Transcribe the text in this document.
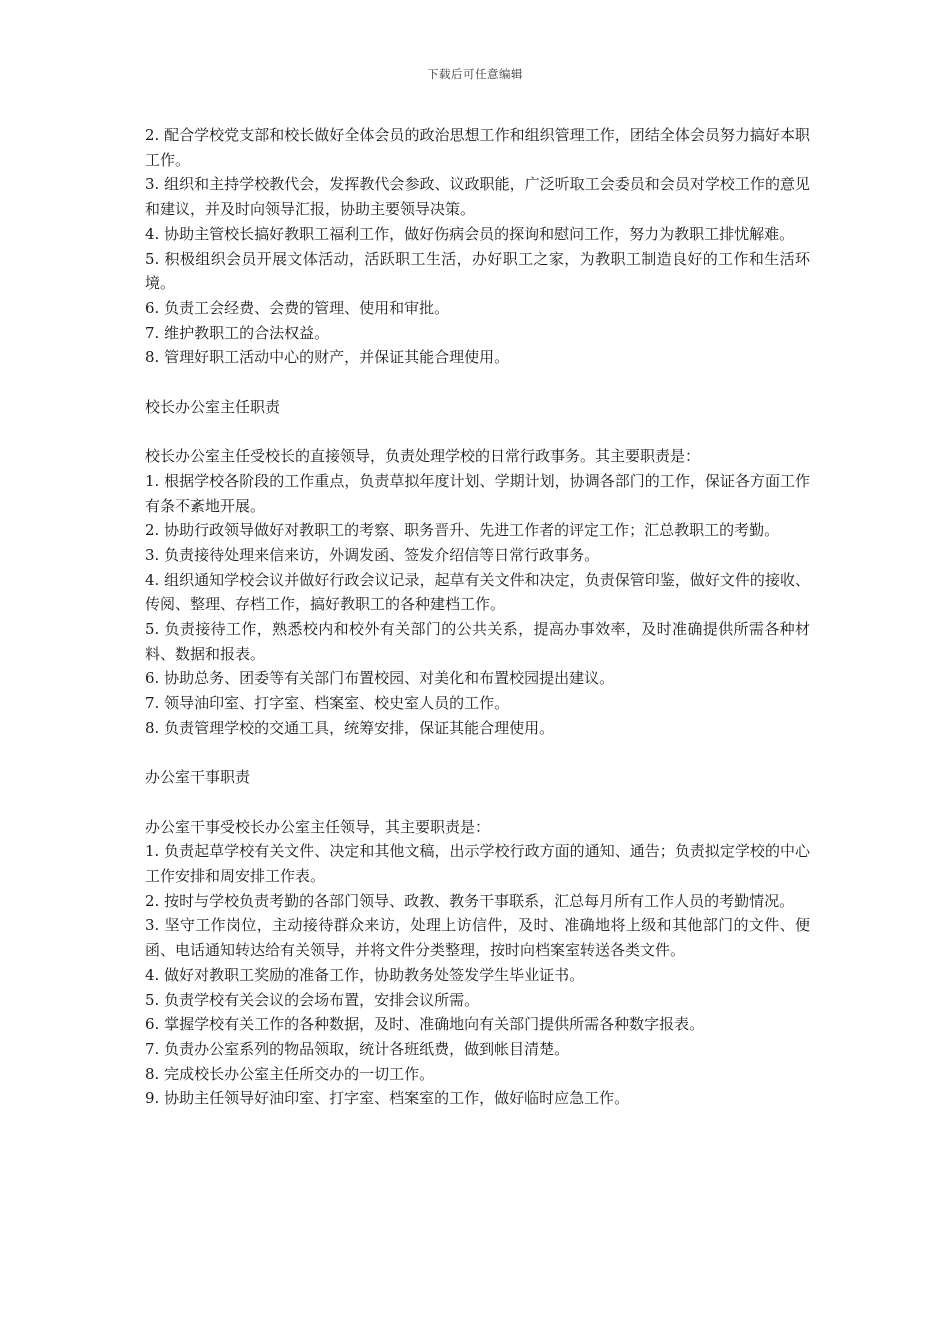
下载后可任意编辑

2. 配合学校党支部和校长做好全体会员的政治思想工作和组织管理工作，团结全体会员努力搞好本职工作。

3. 组织和主持学校教代会，发挥教代会参政、议政职能，广泛听取工会委员和会员对学校工作的意见和建议，并及时向领导汇报，协助主要领导决策。

4. 协助主管校长搞好教职工福利工作，做好伤病会员的探询和慰问工作，努力为教职工排忧解难。

5. 积极组织会员开展文体活动，活跃职工生活，办好职工之家，为教职工制造良好的工作和生活环境。

6. 负责工会经费、会费的管理、使用和审批。

7. 维护教职工的合法权益。

8. 管理好职工活动中心的财产，并保证其能合理使用。

校长办公室主任职责

校长办公室主任受校长的直接领导，负责处理学校的日常行政事务。其主要职责是：

1. 根据学校各阶段的工作重点，负责草拟年度计划、学期计划，协调各部门的工作，保证各方面工作有条不紊地开展。

2. 协助行政领导做好对教职工的考察、职务晋升、先进工作者的评定工作；汇总教职工的考勤。

3. 负责接待处理来信来访，外调发函、签发介绍信等日常行政事务。

4. 组织通知学校会议并做好行政会议记录，起草有关文件和决定，负责保管印鉴，做好文件的接收、传阅、整理、存档工作，搞好教职工的各种建档工作。

5. 负责接待工作，熟悉校内和校外有关部门的公共关系，提高办事效率，及时准确提供所需各种材料、数据和报表。

6. 协助总务、团委等有关部门布置校园、对美化和布置校园提出建议。

7. 领导油印室、打字室、档案室、校史室人员的工作。

8. 负责管理学校的交通工具，统筹安排，保证其能合理使用。

办公室干事职责

办公室干事受校长办公室主任领导，其主要职责是：

1. 负责起草学校有关文件、决定和其他文稿，出示学校行政方面的通知、通告；负责拟定学校的中心工作安排和周安排工作表。

2. 按时与学校负责考勤的各部门领导、政教、教务干事联系，汇总每月所有工作人员的考勤情况。

3. 坚守工作岗位，主动接待群众来访，处理上访信件，及时、准确地将上级和其他部门的文件、便函、电话通知转达给有关领导，并将文件分类整理，按时向档案室转送各类文件。

4. 做好对教职工奖励的准备工作，协助教务处签发学生毕业证书。

5. 负责学校有关会议的会场布置，安排会议所需。

6. 掌握学校有关工作的各种数据，及时、准确地向有关部门提供所需各种数字报表。

7. 负责办公室系列的物品领取，统计各班纸费，做到帐目清楚。

8. 完成校长办公室主任所交办的一切工作。

9. 协助主任领导好油印室、打字室、档案室的工作，做好临时应急工作。
